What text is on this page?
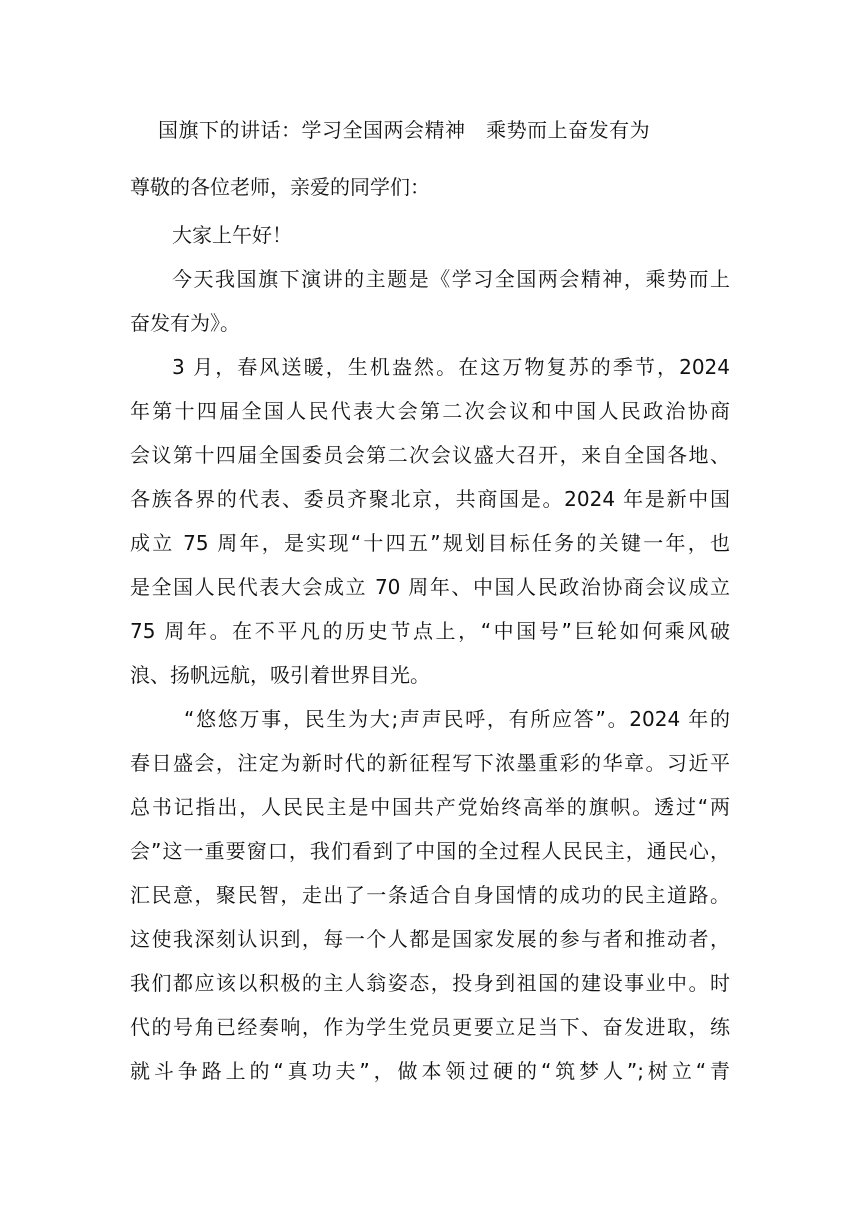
国旗下的讲话：学习全国两会精神   乘势而上奋发有为
尊敬的各位老师，亲爱的同学们：
大家上午好！
今天我国旗下演讲的主题是《学习全国两会精神，乘势而上
奋发有为》。
3 月，春风送暖，生机盎然。在这万物复苏的季节，2024
年第十四届全国人民代表大会第二次会议和中国人民政治协商
会议第十四届全国委员会第二次会议盛大召开，来自全国各地、
各族各界的代表、委员齐聚北京，共商国是。2024 年是新中国
成立 75 周年，是实现“十四五”规划目标任务的关键一年，也
是全国人民代表大会成立 70 周年、中国人民政治协商会议成立
75 周年。在不平凡的历史节点上，“中国号”巨轮如何乘风破
浪、扬帆远航，吸引着世界目光。
“悠悠万事，民生为大;声声民呼，有所应答”。2024 年的
春日盛会，注定为新时代的新征程写下浓墨重彩的华章。习近平
总书记指出，人民民主是中国共产党始终高举的旗帜。透过“两
会”这一重要窗口，我们看到了中国的全过程人民民主，通民心，
汇民意，聚民智，走出了一条适合自身国情的成功的民主道路。
这使我深刻认识到，每一个人都是国家发展的参与者和推动者，
我们都应该以积极的主人翁姿态，投身到祖国的建设事业中。时
代的号角已经奏响，作为学生党员更要立足当下、奋发进取，练
就斗争路上的“真功夫”，做本领过硬的“筑梦人”;树立“青
